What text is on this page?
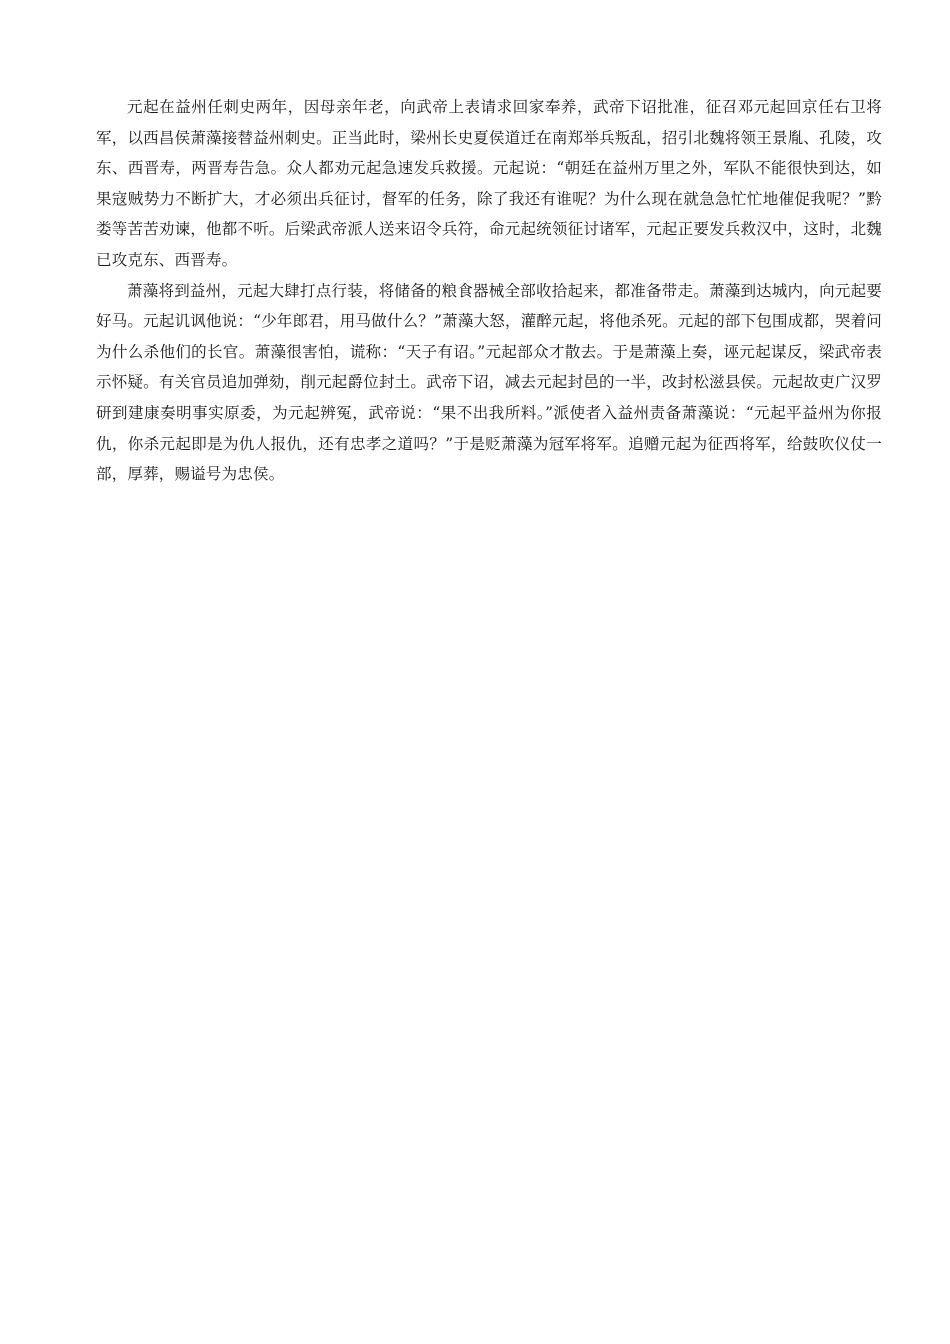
元起在益州任刺史两年，因母亲年老，向武帝上表请求回家奉养，武帝下诏批准，征召邓元起回京任右卫将军，以西昌侯萧藻接替益州刺史。正当此时，梁州长史夏侯道迁在南郑举兵叛乱，招引北魏将领王景胤、孔陵，攻东、西晋寿，两晋寿告急。众人都劝元起急速发兵救援。元起说：“朝廷在益州万里之外，军队不能很快到达，如果寇贼势力不断扩大，才必须出兵征讨，督军的任务，除了我还有谁呢？为什么现在就急急忙忙地催促我呢？”黔娄等苦苦劝谏，他都不听。后梁武帝派人送来诏令兵符，命元起统领征讨诸军，元起正要发兵救汉中，这时，北魏已攻克东、西晋寿。

萧藻将到益州，元起大肆打点行装，将储备的粮食器械全部收拾起来，都准备带走。萧藻到达城内，向元起要好马。元起讥讽他说：“少年郎君，用马做什么？”萧藻大怒，灌醉元起，将他杀死。元起的部下包围成都，哭着问为什么杀他们的长官。萧藻很害怕，谎称：“天子有诏。”元起部众才散去。于是萧藻上奏，诬元起谋反，梁武帝表示怀疑。有关官员追加弹劾，削元起爵位封土。武帝下诏，减去元起封邑的一半，改封松滋县侯。元起故吏广汉罗研到建康奏明事实原委，为元起辨冤，武帝说：“果不出我所料。”派使者入益州责备萧藻说：“元起平益州为你报仇，你杀元起即是为仇人报仇，还有忠孝之道吗？”于是贬萧藻为冠军将军。追赠元起为征西将军，给鼓吹仪仗一部，厚葬，赐谥号为忠侯。
